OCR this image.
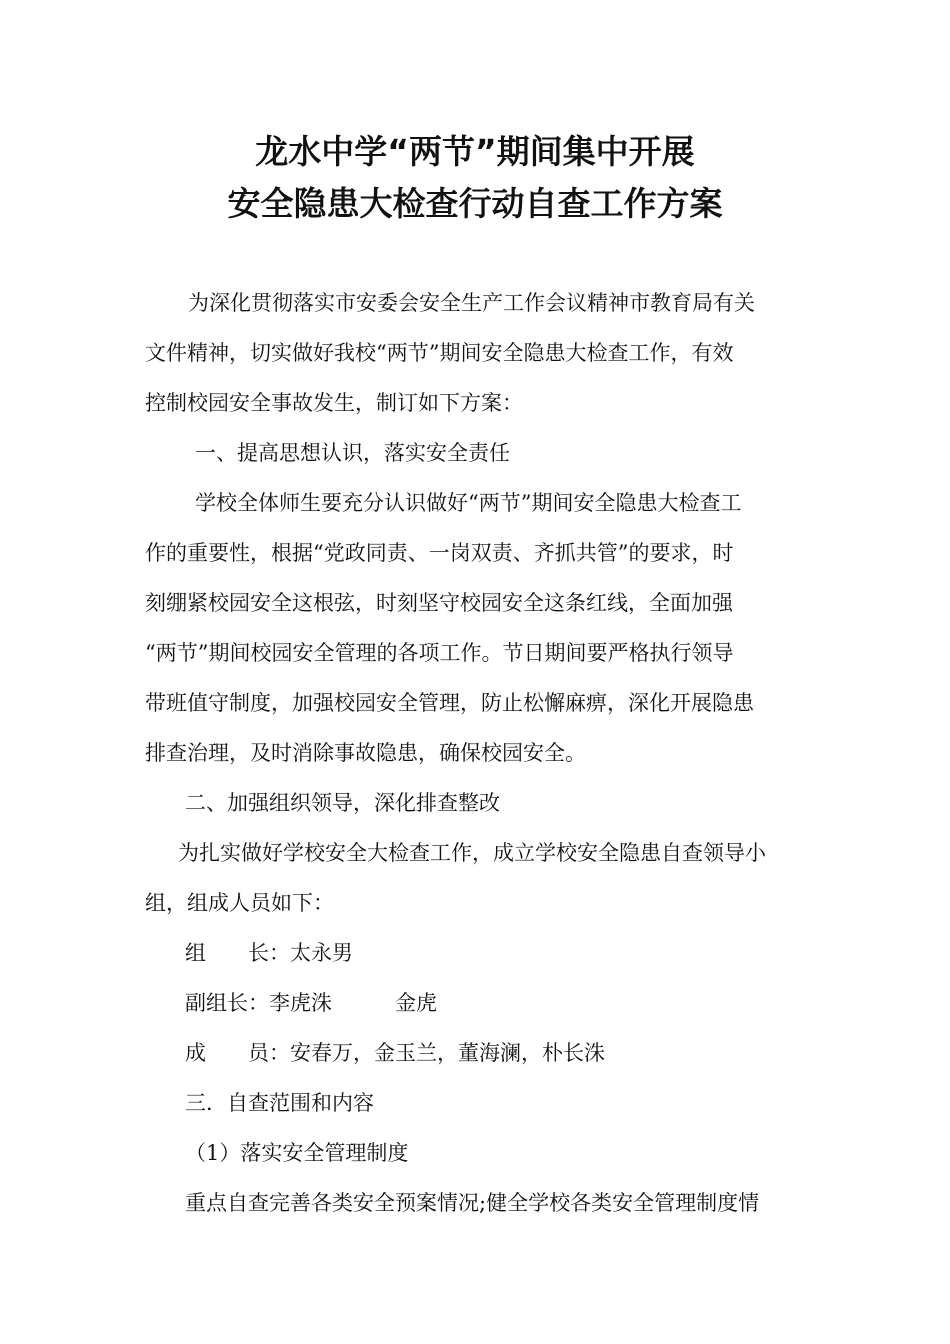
龙水中学“两节”期间集中开展
安全隐患大检查行动自查工作方案
为深化贯彻落实市安委会安全生产工作会议精神市教育局有关
文件精神，切实做好我校“两节”期间安全隐患大检查工作，有效
控制校园安全事故发生，制订如下方案：
一、提高思想认识，落实安全责任
学校全体师生要充分认识做好“两节”期间安全隐患大检查工
作的重要性，根据“党政同责、一岗双责、齐抓共管”的要求，时
刻绷紧校园安全这根弦，时刻坚守校园安全这条红线，全面加强
“两节”期间校园安全管理的各项工作。节日期间要严格执行领导
带班值守制度，加强校园安全管理，防止松懈麻痹，深化开展隐患
排查治理，及时消除事故隐患，确保校园安全。
二、加强组织领导，深化排查整改
为扎实做好学校安全大检查工作，成立学校安全隐患自查领导小
组，组成人员如下：
组　　长：太永男
副组长：李虎洙　　　金虎
成　　员：安春万，金玉兰，董海澜，朴长洙
三．自查范围和内容
（1）落实安全管理制度
重点自查完善各类安全预案情况;健全学校各类安全管理制度情
